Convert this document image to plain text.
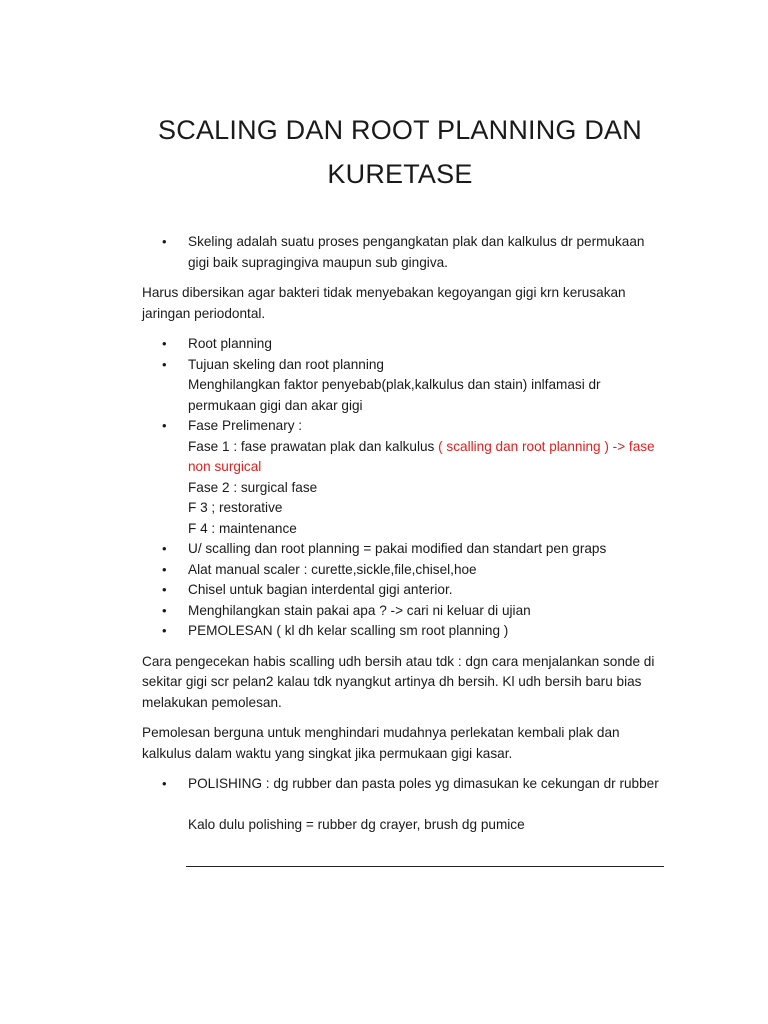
SCALING DAN ROOT PLANNING DAN
KURETASE
• Skeling adalah suatu proses pengangkatan plak dan kalkulus dr permukaan
gigi baik supragingiva maupun sub gingiva.

Harus dibersikan agar bakteri tidak menyebakan kegoyangan gigi krn kerusakan
jaringan periodontal.

• Root planning
• Tujuan skeling dan root planning
Menghilangkan faktor penyebab(plak,kalkulus dan stain) inlfamasi dr
permukaan gigi dan akar gigi
• Fase Prelimenary :
Fase 1 : fase prawatan plak dan kalkulus ( scalling dan root planning ) -> fase
non surgical
Fase 2 : surgical fase
F 3 ; restorative
F 4 : maintenance
• U/ scalling dan root planning = pakai modified dan standart pen graps
• Alat manual scaler : curette,sickle,file,chisel,hoe
• Chisel untuk bagian interdental gigi anterior.
• Menghilangkan stain pakai apa ? -> cari ni keluar di ujian
• PEMOLESAN ( kl dh kelar scalling sm root planning )

Cara pengecekan habis scalling udh bersih atau tdk : dgn cara menjalankan sonde di
sekitar gigi scr pelan2 kalau tdk nyangkut artinya dh bersih. Kl udh bersih baru bias
melakukan pemolesan.

Pemolesan berguna untuk menghindari mudahnya perlekatan kembali plak dan
kalkulus dalam waktu yang singkat jika permukaan gigi kasar.

• POLISHING : dg rubber dan pasta poles yg dimasukan ke cekungan dr rubber
Kalo dulu polishing = rubber dg crayer, brush dg pumice
